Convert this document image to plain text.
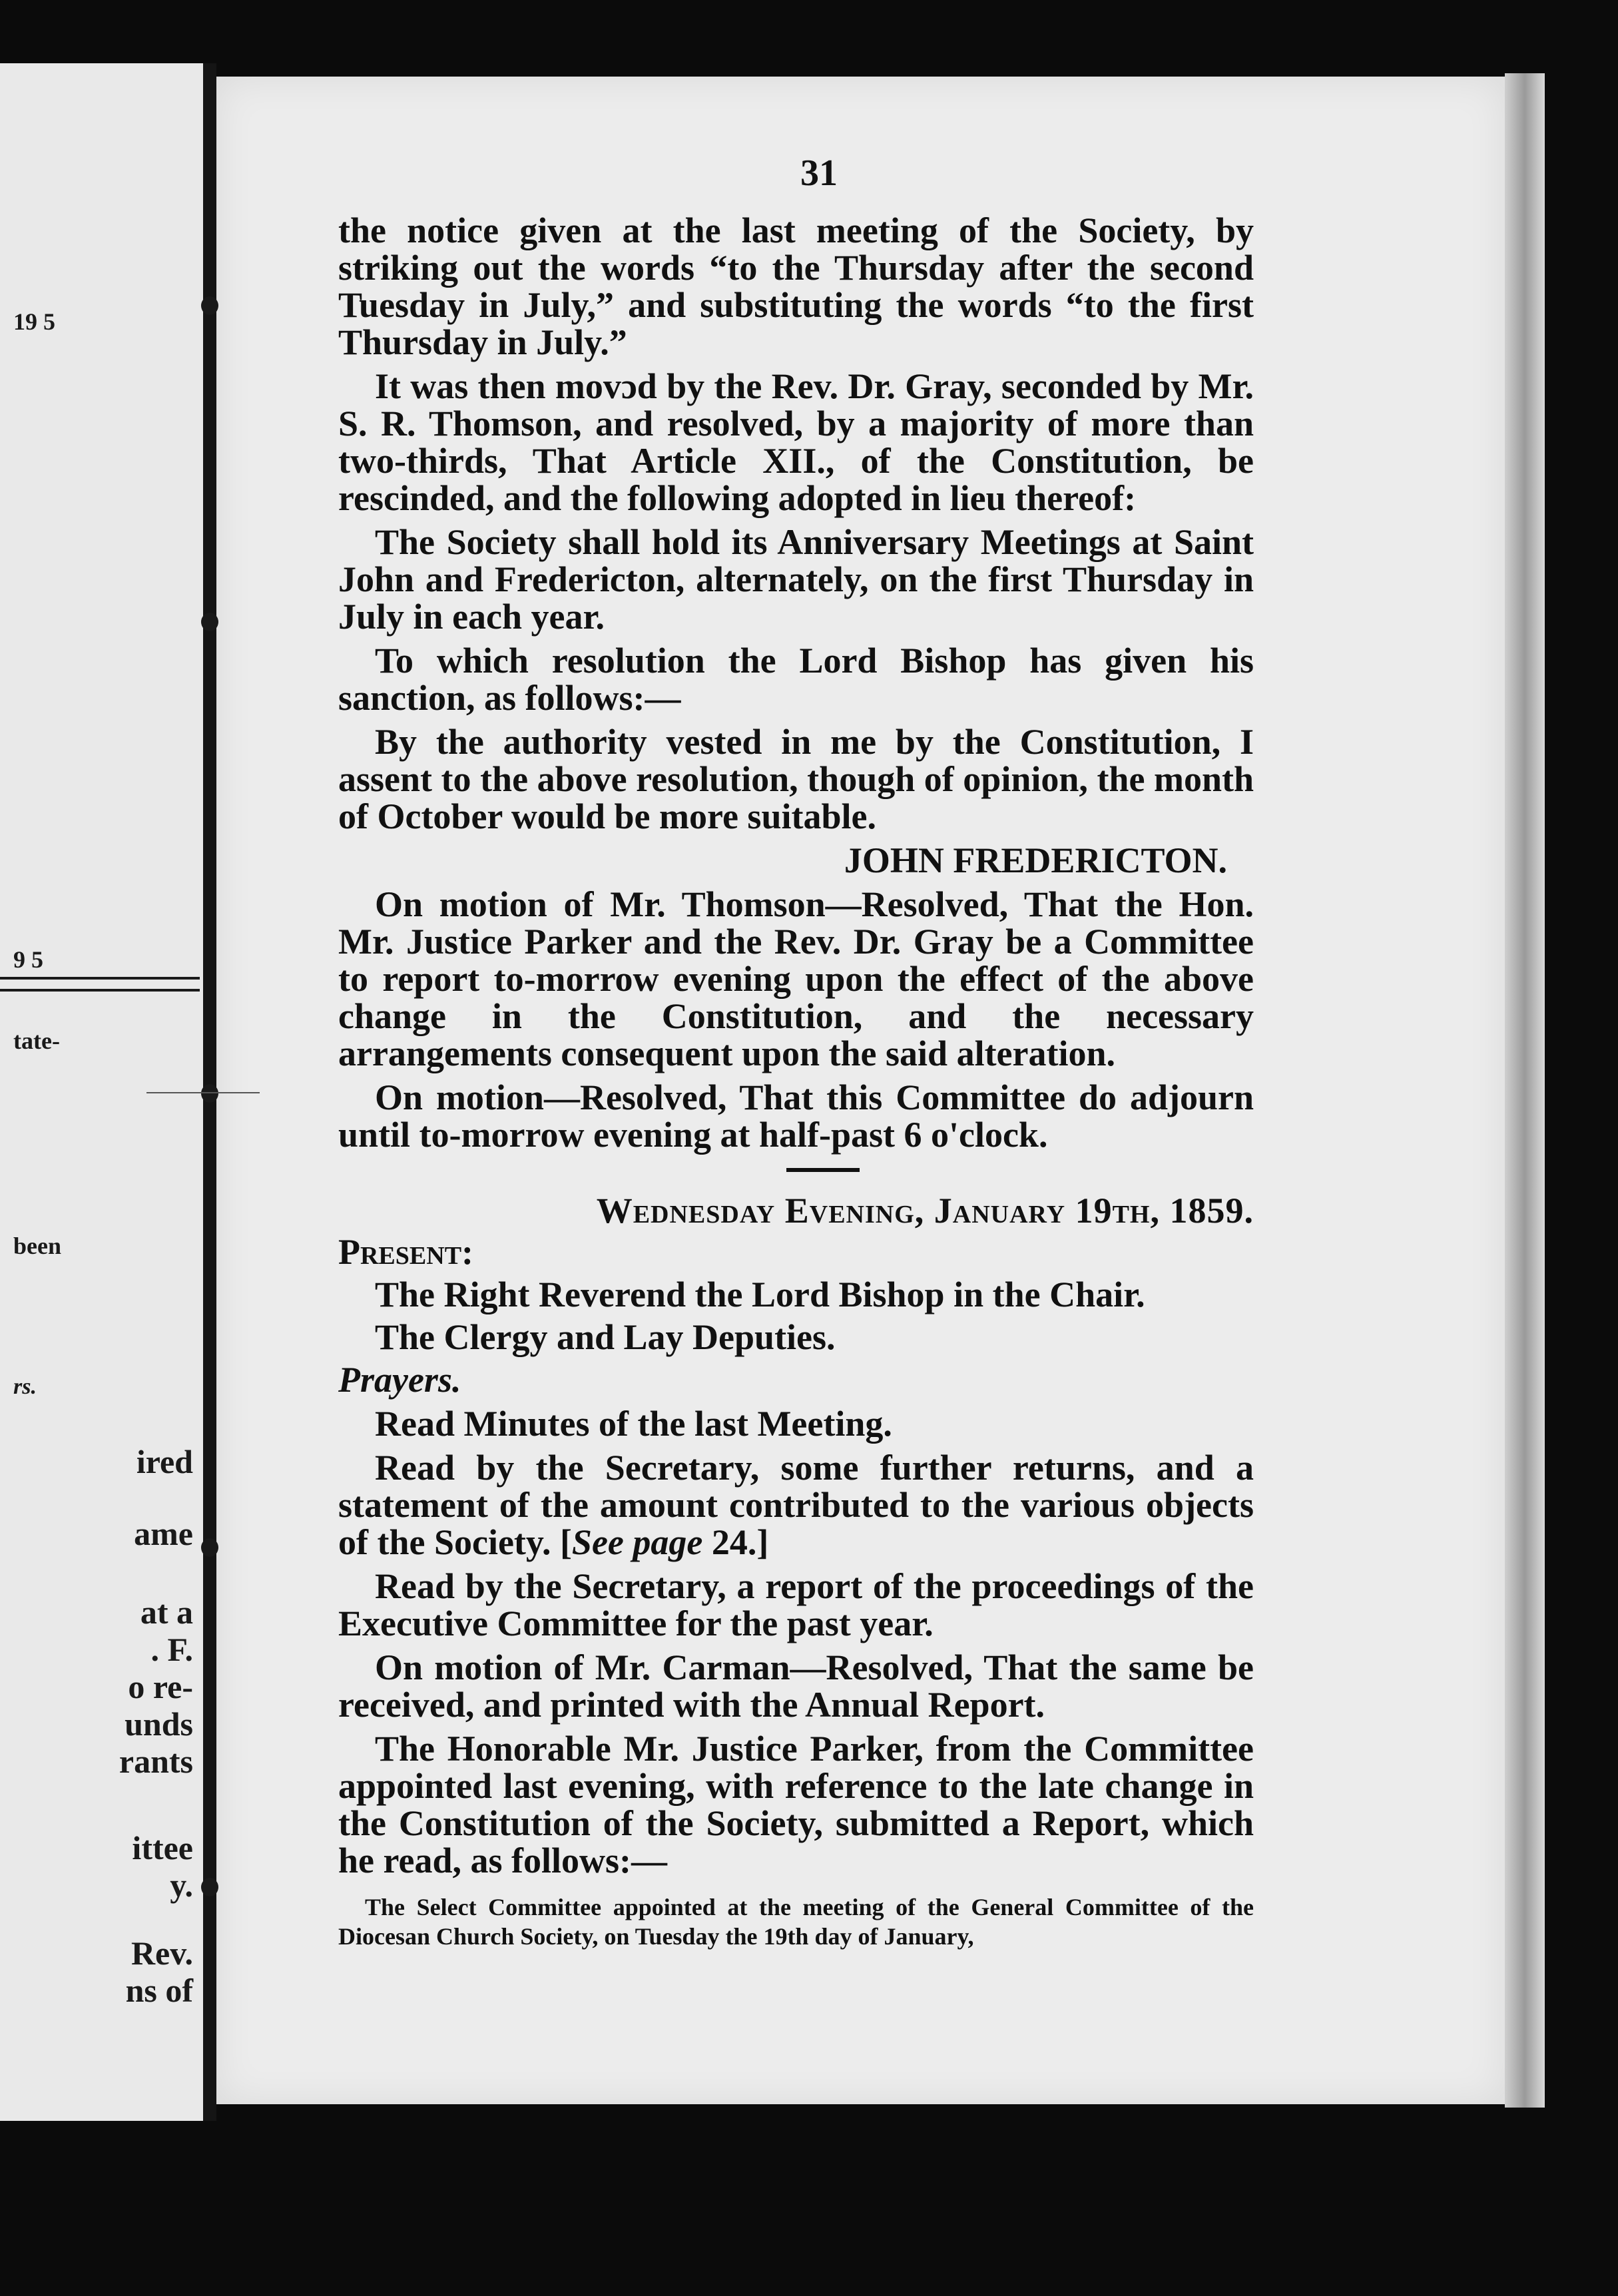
19 5
9 5
tate-
been
rs.
ired
ame
at a
. F.
o re-
unds
rants
ittee
y.
Rev.
ns of
31

the notice given at the last meeting of the Society, by striking out the words “to the Thursday after the second Tuesday in July,” and substituting the words “to the first Thursday in July.”

It was then movɔd by the Rev. Dr. Gray, seconded by Mr. S. R. Thomson, and resolved, by a majority of more than two-thirds, That Article XII., of the Constitution, be rescinded, and the following adopted in lieu thereof:

The Society shall hold its Anniversary Meetings at Saint John and Fredericton, alternately, on the first Thursday in July in each year.

To which resolution the Lord Bishop has given his sanction, as follows:—

By the authority vested in me by the Constitution, I assent to the above resolution, though of opinion, the month of October would be more suitable.

JOHN FREDERICTON.

On motion of Mr. Thomson—Resolved, That the Hon. Mr. Justice Parker and the Rev. Dr. Gray be a Committee to report to-morrow evening upon the effect of the above change in the Constitution, and the necessary arrangements consequent upon the said alteration.

On motion—Resolved, That this Committee do adjourn until to-morrow evening at half-past 6 o'clock.

Wednesday Evening, January 19th, 1859.

Present:

The Right Reverend the Lord Bishop in the Chair.

The Clergy and Lay Deputies.

Prayers.

Read Minutes of the last Meeting.

Read by the Secretary, some further returns, and a statement of the amount contributed to the various objects of the Society. [See page 24.]

Read by the Secretary, a report of the proceedings of the Executive Committee for the past year.

On motion of Mr. Carman—Resolved, That the same be received, and printed with the Annual Report.

The Honorable Mr. Justice Parker, from the Committee appointed last evening, with reference to the late change in the Constitution of the Society, submitted a Report, which he read, as follows:—

The Select Committee appointed at the meeting of the General Committee of the Diocesan Church Society, on Tuesday the 19th day of January,
